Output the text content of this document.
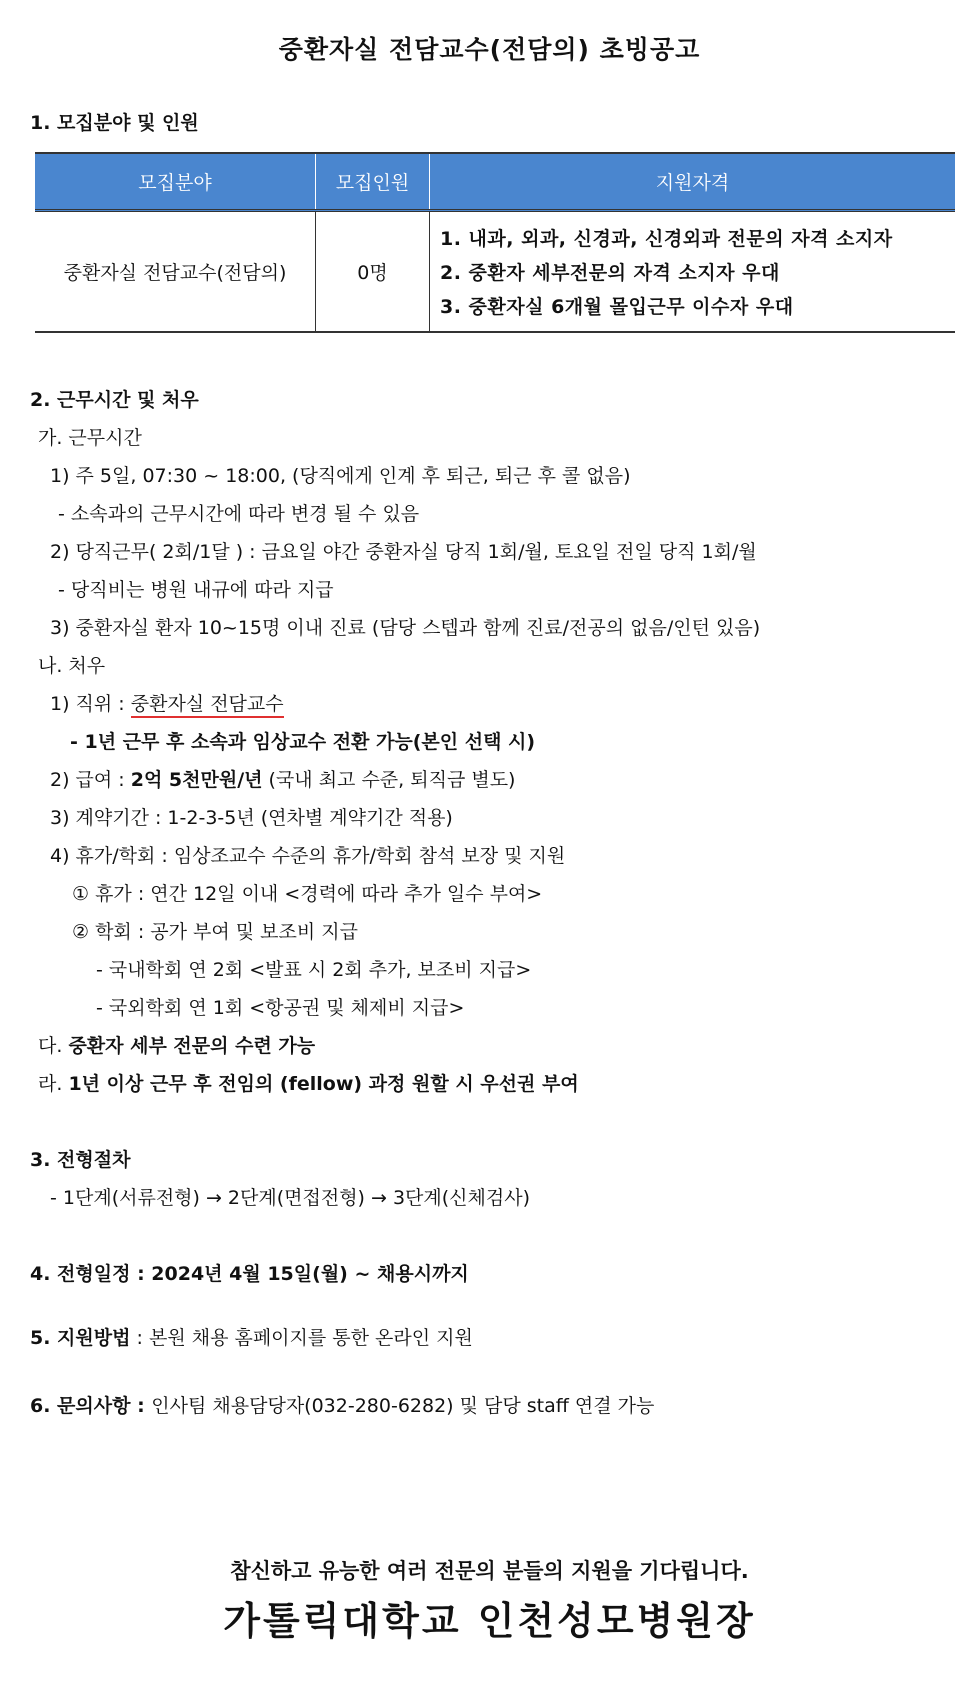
중환자실 전담교수(전담의) 초빙공고
1. 모집분야 및 인원
모집분야	모집인원	지원자격
중환자실 전담교수(전담의)	0명
1. 내과, 외과, 신경과, 신경외과 전문의 자격 소지자
2. 중환자 세부전문의 자격 소지자 우대
3. 중환자실 6개월 몰입근무 이수자 우대
2. 근무시간 및 처우
가. 근무시간
1) 주 5일, 07:30 ~ 18:00, (당직에게 인계 후 퇴근, 퇴근 후 콜 없음)
- 소속과의 근무시간에 따라 변경 될 수 있음
2) 당직근무( 2회/1달 ) : 금요일 야간 중환자실 당직 1회/월, 토요일 전일 당직 1회/월
- 당직비는 병원 내규에 따라 지급
3) 중환자실 환자 10~15명 이내 진료 (담당 스텝과 함께 진료/전공의 없음/인턴 있음)
나. 처우
1) 직위 : 중환자실 전담교수
- 1년 근무 후 소속과 임상교수 전환 가능(본인 선택 시)
2) 급여 : 2억 5천만원/년 (국내 최고 수준, 퇴직금 별도)
3) 계약기간 : 1-2-3-5년 (연차별 계약기간 적용)
4) 휴가/학회 : 임상조교수 수준의 휴가/학회 참석 보장 및 지원
① 휴가 : 연간 12일 이내 <경력에 따라 추가 일수 부여>
② 학회 : 공가 부여 및 보조비 지급
- 국내학회 연 2회 <발표 시 2회 추가, 보조비 지급>
- 국외학회 연 1회 <항공권 및 체제비 지급>
다. 중환자 세부 전문의 수련 가능
라. 1년 이상 근무 후 전임의 (fellow) 과정 원할 시 우선권 부여
3. 전형절차
- 1단계(서류전형) → 2단계(면접전형) → 3단계(신체검사)
4. 전형일정 : 2024년 4월 15일(월) ~ 채용시까지
5. 지원방법 : 본원 채용 홈페이지를 통한 온라인 지원
6. 문의사항 : 인사팀 채용담당자(032-280-6282) 및 담당 staff 연결 가능
참신하고 유능한 여러 전문의 분들의 지원을 기다립니다.
가톨릭대학교 인천성모병원장
